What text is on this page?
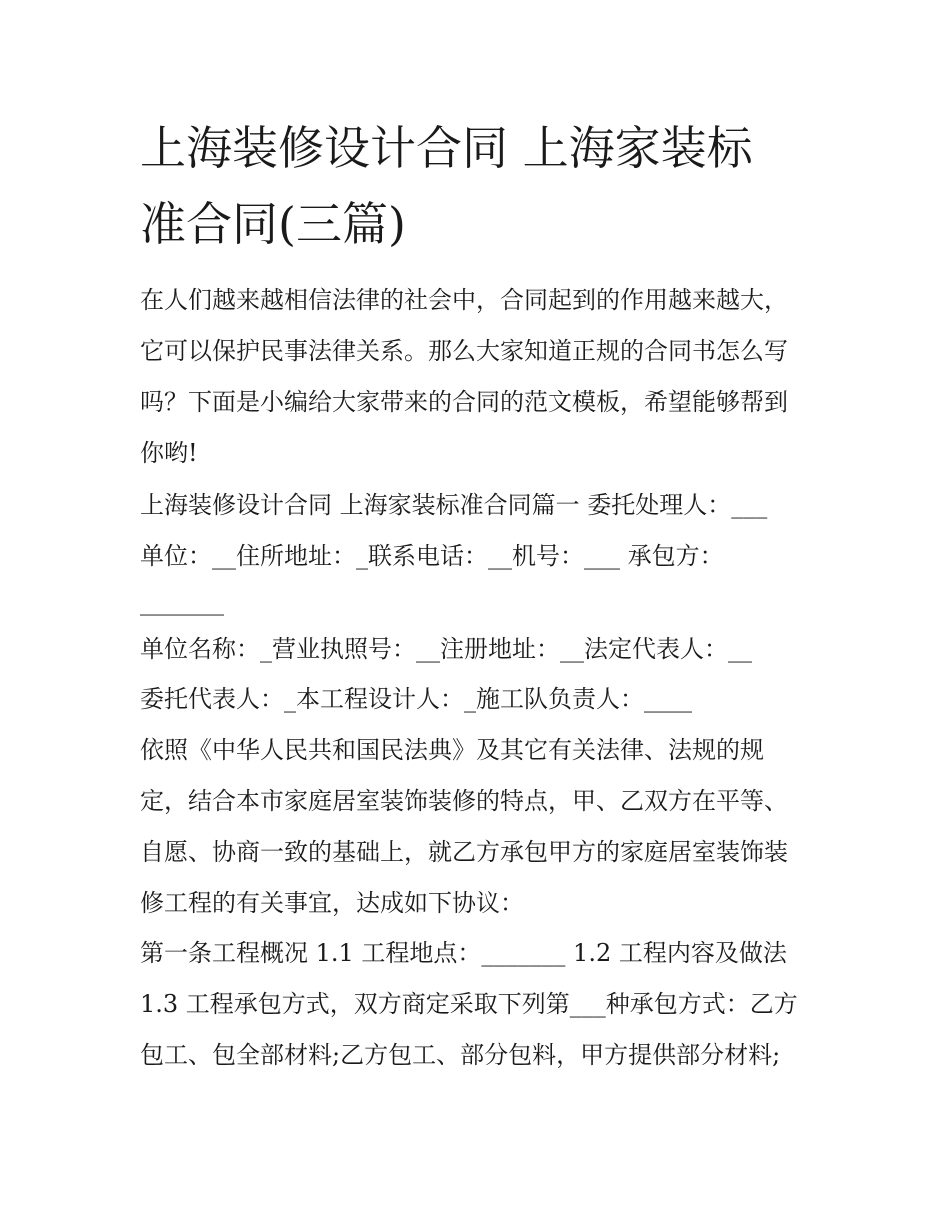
上海装修设计合同 上海家装标
准合同(三篇)

在人们越来越相信法律的社会中，合同起到的作用越来越大，

它可以保护民事法律关系。那么大家知道正规的合同书怎么写

吗？下面是小编给大家带来的合同的范文模板，希望能够帮到

你哟!

上海装修设计合同 上海家装标准合同篇一 委托处理人：___

单位：__住所地址：_联系电话：__机号：___ 承包方：

_______

单位名称：_营业执照号：__注册地址：__法定代表人：__

委托代表人：_本工程设计人：_施工队负责人：____

依照《中华人民共和国民法典》及其它有关法律、法规的规

定，结合本市家庭居室装饰装修的特点，甲、乙双方在平等、

自愿、协商一致的基础上，就乙方承包甲方的家庭居室装饰装

修工程的有关事宜，达成如下协议：

第一条工程概况 1.1 工程地点：_______ 1.2 工程内容及做法

1.3 工程承包方式，双方商定采取下列第___种承包方式：乙方

包工、包全部材料;乙方包工、部分包料，甲方提供部分材料;
